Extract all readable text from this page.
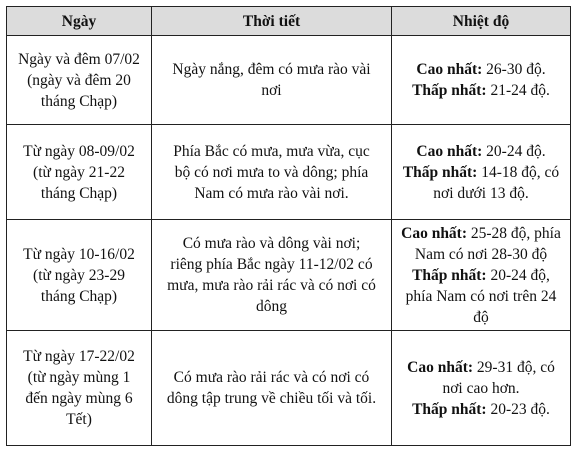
Ngày	Thời tiết	Nhiệt độ

Ngày và đêm 07/02
(ngày và đêm 20
tháng Chạp)	Ngày nắng, đêm có mưa rào vài
nơi	Cao nhất: 26-30 độ.
Thấp nhất: 21-24 độ.

Từ ngày 08-09/02
(từ ngày 21-22
tháng Chạp)	Phía Bắc có mưa, mưa vừa, cục
bộ có nơi mưa to và dông; phía
Nam có mưa rào vài nơi.	Cao nhất: 20-24 độ.
Thấp nhất: 14-18 độ, có
nơi dưới 13 độ.

Từ ngày 10-16/02
(từ ngày 23-29
tháng Chạp)	Có mưa rào và dông vài nơi;
riêng phía Bắc ngày 11-12/02 có
mưa, mưa rào rải rác và có nơi có
dông	Cao nhất: 25-28 độ, phía
Nam có nơi 28-30 độ
Thấp nhất: 20-24 độ,
phía Nam có nơi trên 24
độ

Từ ngày 17-22/02
(từ ngày mùng 1
đến ngày mùng 6
Tết)	Có mưa rào rải rác và có nơi có
dông tập trung về chiều tối và tối.	Cao nhất: 29-31 độ, có
nơi cao hơn.
Thấp nhất: 20-23 độ.
